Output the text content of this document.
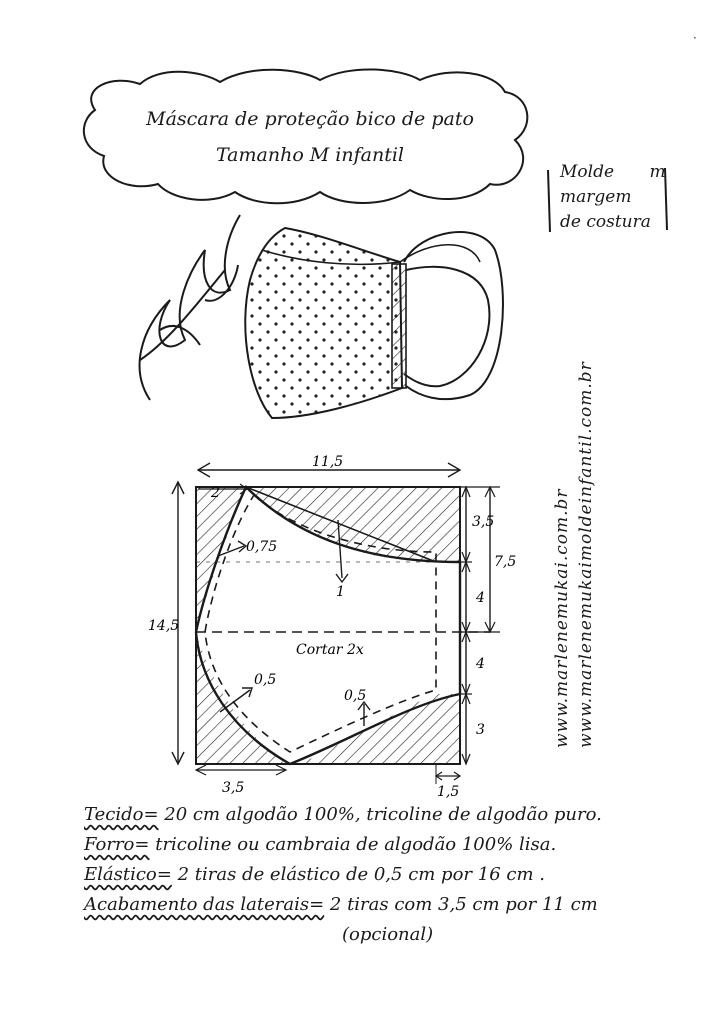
11,5
2
14,5
3,5	1,5
0,75
0,5
0,5
1
Cortar 2x
3,5
4
4
3
7,5
·
Máscara de proteção bico de pato
Tamanho M infantil
Molde m
margem
de costura
www.marlenemukai.com.br www.marlenemukaimoldeinfantil.com.br
Tecido= 20 cm algodão 100%, tricoline de algodão puro.
Forro= tricoline ou cambraia de algodão 100% lisa.
Elástico= 2 tiras de elástico de 0,5 cm por 16 cm .
Acabamento das laterais= 2 tiras com 3,5 cm por 11 cm
(opcional)
